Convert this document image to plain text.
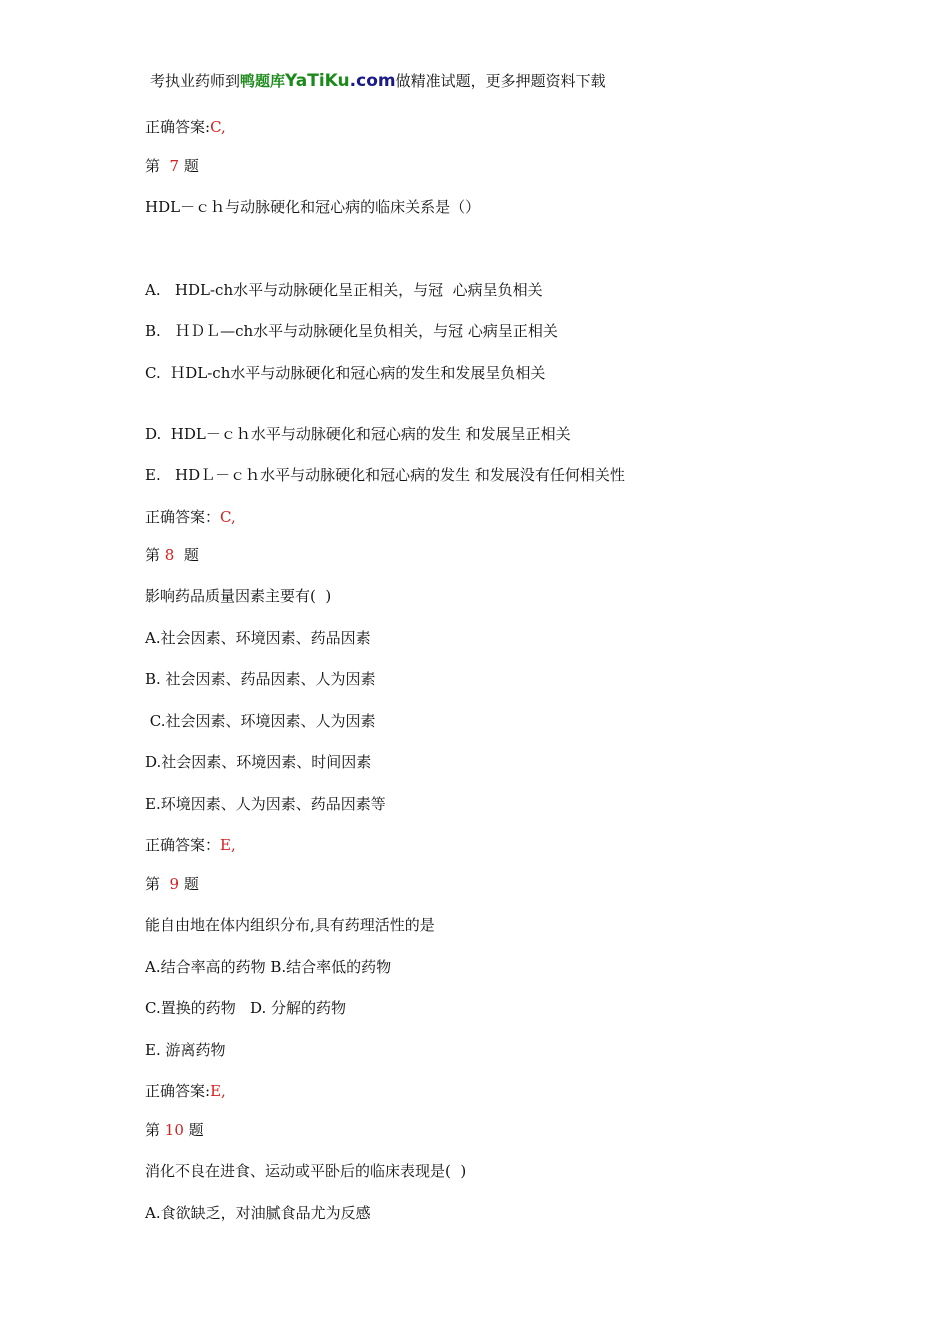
考执业药师到鸭题库YaTiKu.com做精准试题，更多押题资料下载
正确答案:C,
第  7 题
HDL－ｃｈ与动脉硬化和冠心病的临床关系是（）
A.   HDL-ch水平与动脉硬化呈正相关，与冠  心病呈负相关
B.   ＨＤＬ—ch水平与动脉硬化呈负相关，与冠 心病呈正相关
C.  ＨDL-ch水平与动脉硬化和冠心病的发生和发展呈负相关
D.  HDL－ｃｈ水平与动脉硬化和冠心病的发生 和发展呈正相关
E.   HDＬ－ｃｈ水平与动脉硬化和冠心病的发生 和发展没有任何相关性
正确答案：C,
第 8  题
影响药品质量因素主要有(  )
A.社会因素、环境因素、药品因素
B. 社会因素、药品因素、人为因素
C.社会因素、环境因素、人为因素
D.社会因素、环境因素、时间因素
E.环境因素、人为因素、药品因素等
正确答案：E,
第  9 题
能自由地在体内组织分布,具有药理活性的是
A.结合率高的药物 B.结合率低的药物
C.置换的药物   D. 分解的药物
E. 游离药物
正确答案:E,
第 10 题
消化不良在进食、运动或平卧后的临床表现是(  )
A.食欲缺乏，对油腻食品尤为反感
